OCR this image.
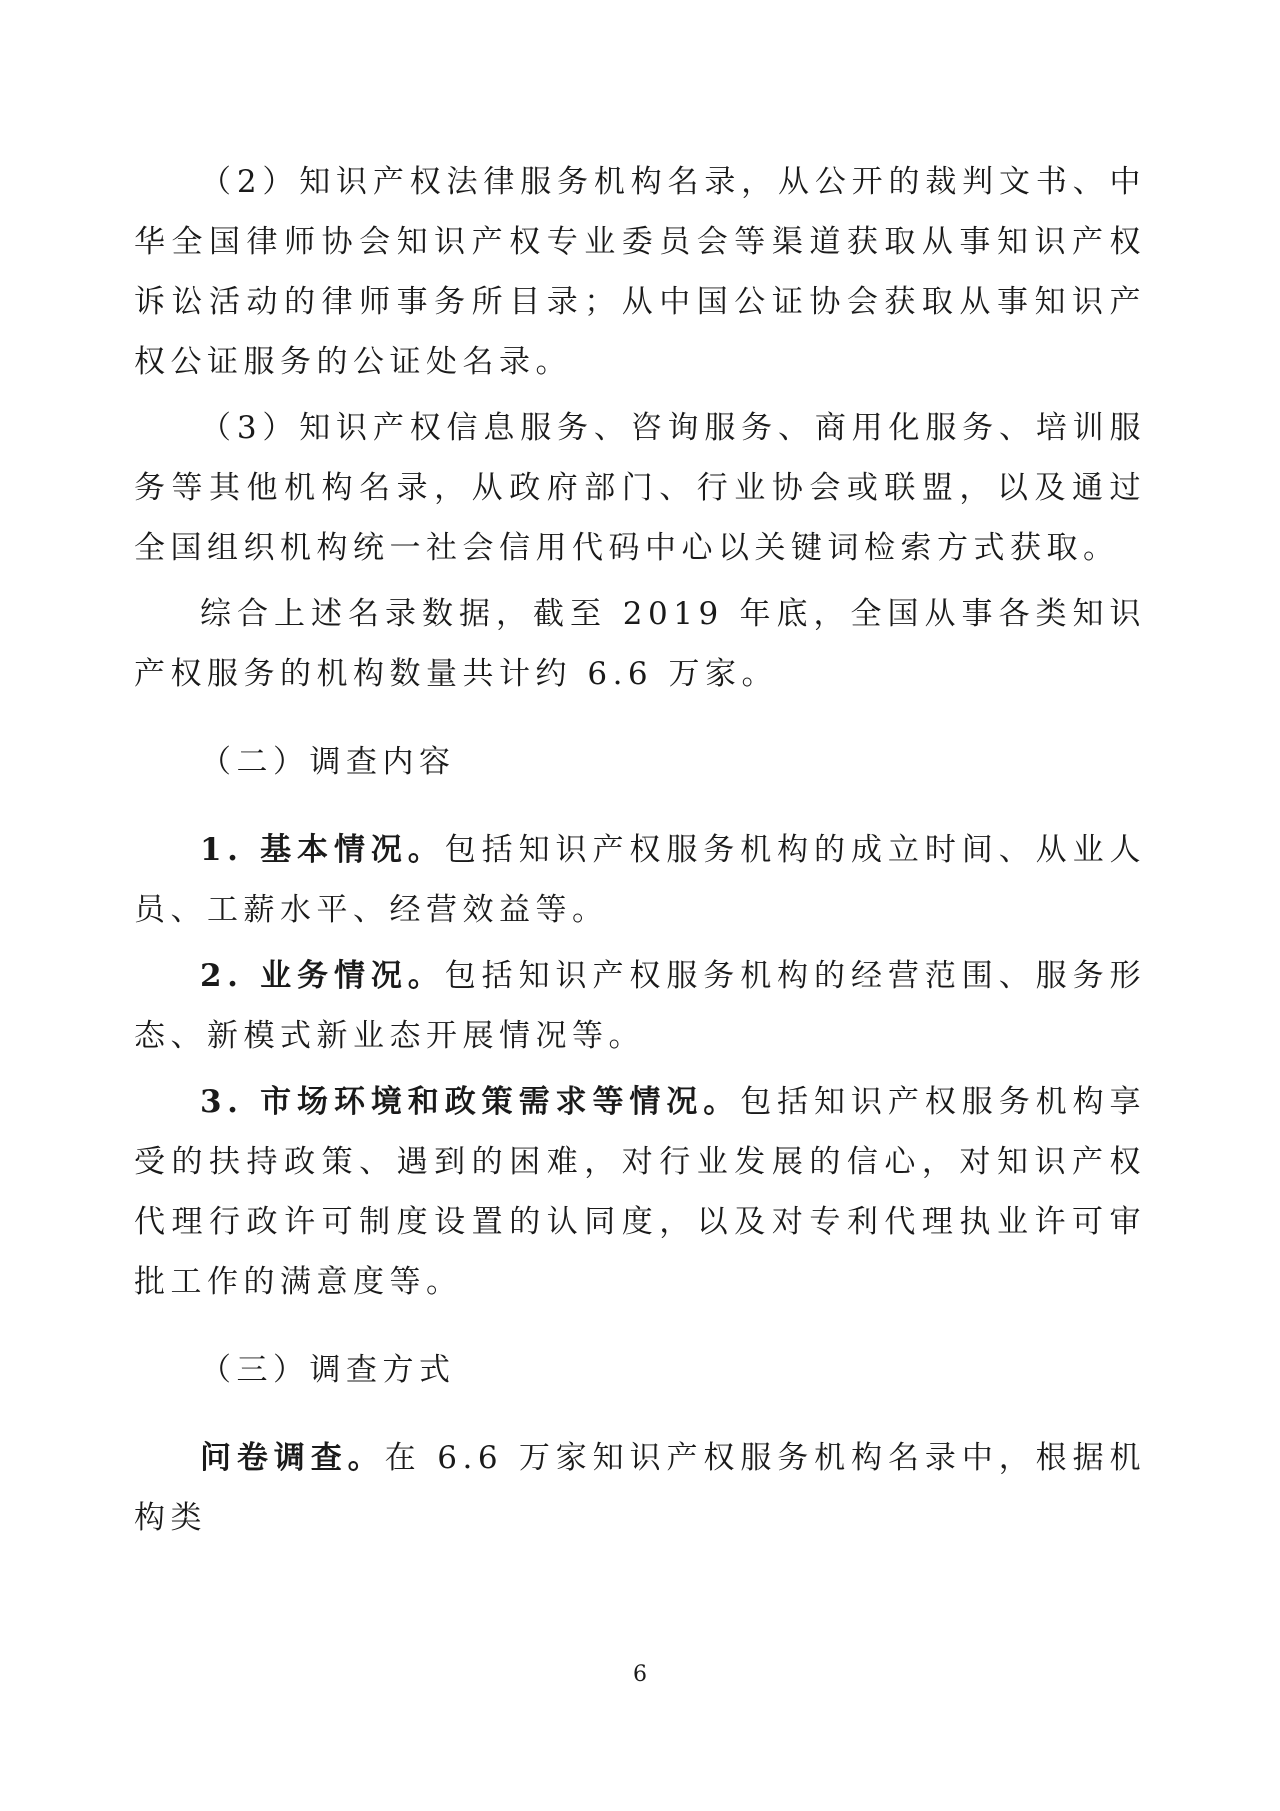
（2）知识产权法律服务机构名录，从公开的裁判文书、中华全国律师协会知识产权专业委员会等渠道获取从事知识产权诉讼活动的律师事务所目录；从中国公证协会获取从事知识产权公证服务的公证处名录。

（3）知识产权信息服务、咨询服务、商用化服务、培训服务等其他机构名录，从政府部门、行业协会或联盟，以及通过全国组织机构统一社会信用代码中心以关键词检索方式获取。

综合上述名录数据，截至 2019 年底，全国从事各类知识产权服务的机构数量共计约 6.6 万家。

（二）调查内容

1. 基本情况。包括知识产权服务机构的成立时间、从业人员、工薪水平、经营效益等。

2. 业务情况。包括知识产权服务机构的经营范围、服务形态、新模式新业态开展情况等。

3. 市场环境和政策需求等情况。包括知识产权服务机构享受的扶持政策、遇到的困难，对行业发展的信心，对知识产权代理行政许可制度设置的认同度，以及对专利代理执业许可审批工作的满意度等。

（三）调查方式

问卷调查。在 6.6 万家知识产权服务机构名录中，根据机构类

6
